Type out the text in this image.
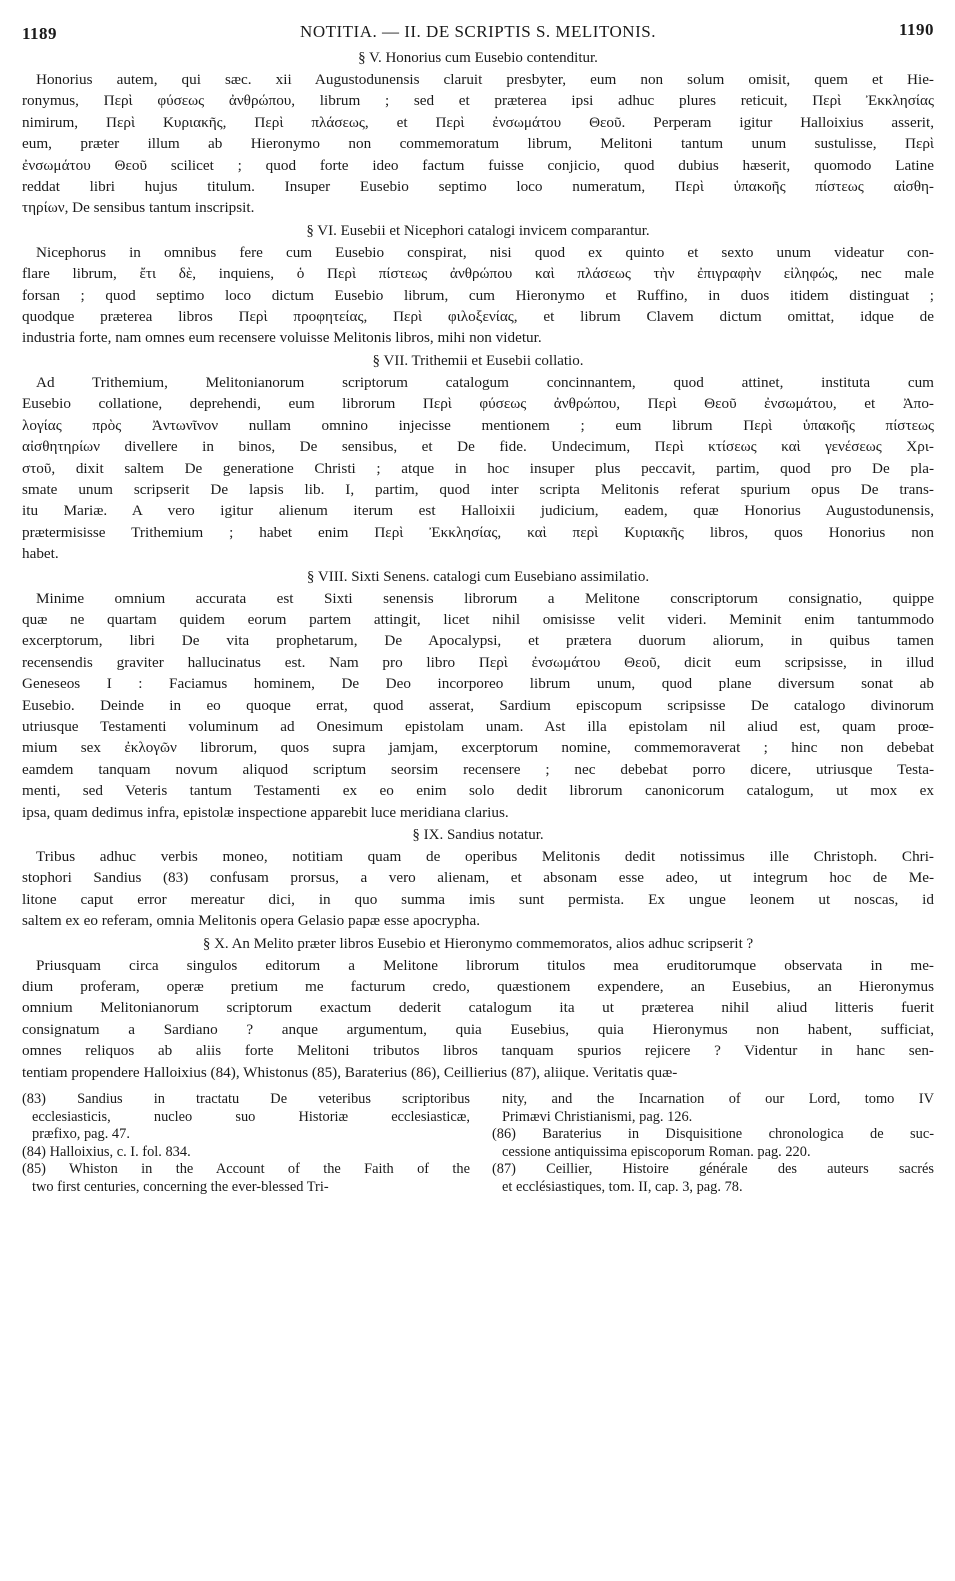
1189	NOTITIA. — II. DE SCRIPTIS S. MELITONIS.	1190
§ V. Honorius cum Eusebio contenditur.
Honorius autem, qui sæc. xii Augustodunensis claruit presbyter, eum non solum omisit, quem et Hie-
ronymus, Περὶ φύσεως ἀνθρώπου, librum ; sed et præterea ipsi adhuc plures reticuit, Περὶ Ἐκκλησίας
nimirum, Περὶ Κυριακῆς, Περὶ πλάσεως, et Περὶ ἐνσωμάτου Θεοῦ. Perperam igitur Halloixius asserit,
eum, præter illum ab Hieronymo non commemoratum librum, Melitoni tantum unum sustulisse, Περὶ
ἐνσωμάτου Θεοῦ scilicet ; quod forte ideo factum fuisse conjicio, quod dubius hæserit, quomodo Latine
reddat libri hujus titulum. Insuper Eusebio septimo loco numeratum, Περὶ ὑπακοῆς πίστεως αἰσθη-
τηρίων, De sensibus tantum inscripsit.
§ VI. Eusebii et Nicephori catalogi invicem comparantur.
Nicephorus in omnibus fere cum Eusebio conspirat, nisi quod ex quinto et sexto unum videatur con-
flare librum, ἔτι δὲ, inquiens, ὁ Περὶ πίστεως ἀνθρώπου καὶ πλάσεως τὴν ἐπιγραφὴν εἰληφώς, nec male
forsan ; quod septimo loco dictum Eusebio librum, cum Hieronymo et Ruffino, in duos itidem distinguat ;
quodque præterea libros Περὶ προφητείας, Περὶ φιλοξενίας, et librum Clavem dictum omittat, idque de
industria forte, nam omnes eum recensere voluisse Melitonis libros, mihi non videtur.
§ VII. Trithemii et Eusebii collatio.
Ad Trithemium, Melitonianorum scriptorum catalogum concinnantem, quod attinet, instituta cum
Eusebio collatione, deprehendi, eum librorum Περὶ φύσεως ἀνθρώπου, Περὶ Θεοῦ ἐνσωμάτου, et Ἀπο-
λογίας πρὸς Ἀντωνῖνον nullam omnino injecisse mentionem ; eum librum Περὶ ὑπακοῆς πίστεως
αἰσθητηρίων divellere in binos, De sensibus, et De fide. Undecimum, Περὶ κτίσεως καὶ γενέσεως Χρι-
στοῦ, dixit saltem De generatione Christi ; atque in hoc insuper plus peccavit, partim, quod pro De pla-
smate unum scripserit De lapsis lib. I, partim, quod inter scripta Melitonis referat spurium opus De trans-
itu Mariæ. A vero igitur alienum iterum est Halloixii judicium, eadem, quæ Honorius Augustodunensis,
prætermisisse Trithemium ; habet enim Περὶ Ἐκκλησίας, καὶ περὶ Κυριακῆς libros, quos Honorius non
habet.
§ VIII. Sixti Senens. catalogi cum Eusebiano assimilatio.
Minime omnium accurata est Sixti senensis librorum a Melitone conscriptorum consignatio, quippe
quæ ne quartam quidem eorum partem attingit, licet nihil omisisse velit videri. Meminit enim tantummodo
excerptorum, libri De vita prophetarum, De Apocalypsi, et prætera duorum aliorum, in quibus tamen
recensendis graviter hallucinatus est. Nam pro libro Περὶ ἐνσωμάτου Θεοῦ, dicit eum scripsisse, in illud
Geneseos I : Faciamus hominem, De Deo incorporeo librum unum, quod plane diversum sonat ab
Eusebio. Deinde in eo quoque errat, quod asserat, Sardium episcopum scripsisse De catalogo divinorum
utriusque Testamenti voluminum ad Onesimum epistolam unam. Ast illa epistolam nil aliud est, quam proœ-
mium sex ἐκλογῶν librorum, quos supra jamjam, excerptorum nomine, commemoraverat ; hinc non debebat
eamdem tanquam novum aliquod scriptum seorsim recensere ; nec debebat porro dicere, utriusque Testa-
menti, sed Veteris tantum Testamenti ex eo enim solo dedit librorum canonicorum catalogum, ut mox ex
ipsa, quam dedimus infra, epistolæ inspectione apparebit luce meridiana clarius.
§ IX. Sandius notatur.
Tribus adhuc verbis moneo, notitiam quam de operibus Melitonis dedit notissimus ille Christoph. Chri-
stophori Sandius (83) confusam prorsus, a vero alienam, et absonam esse adeo, ut integrum hoc de Me-
litone caput error mereatur dici, in quo summa imis sunt permista. Ex ungue leonem ut noscas, id
saltem ex eo referam, omnia Melitonis opera Gelasio papæ esse apocrypha.
§ X. An Melito præter libros Eusebio et Hieronymo commemoratos, alios adhuc scripserit ?
Priusquam circa singulos editorum a Melitone librorum titulos mea eruditorumque observata in me-
dium proferam, operæ pretium me facturum credo, quæstionem expendere, an Eusebius, an Hieronymus
omnium Melitonianorum scriptorum exactum dederit catalogum ita ut præterea nihil aliud litteris fuerit
consignatum a Sardiano ? anque argumentum, quia Eusebius, quia Hieronymus non habent, sufficiat,
omnes reliquos ab aliis forte Melitoni tributos libros tanquam spurios rejicere ? Videntur in hanc sen-
tentiam propendere Halloixius (84), Whistonus (85), Baraterius (86), Ceillierius (87), aliique. Veritatis quæ-
(83) Sandius in tractatu De veteribus scriptoribus
ecclesiasticis, nucleo suo Historiæ ecclesiasticæ,
præfixo, pag. 47.
(84) Halloixius, c. I. fol. 834.
(85) Whiston in the Account of the Faith of the
two first centuries, concerning the ever-blessed Tri-
nity, and the Incarnation of our Lord, tomo IV
Primævi Christianismi, pag. 126.
(86) Baraterius in Disquisitione chronologica de suc-
cessione antiquissima episcoporum Roman. pag. 220.
(87) Ceillier, Histoire générale des auteurs sacrés
et ecclésiastiques, tom. II, cap. 3, pag. 78.
